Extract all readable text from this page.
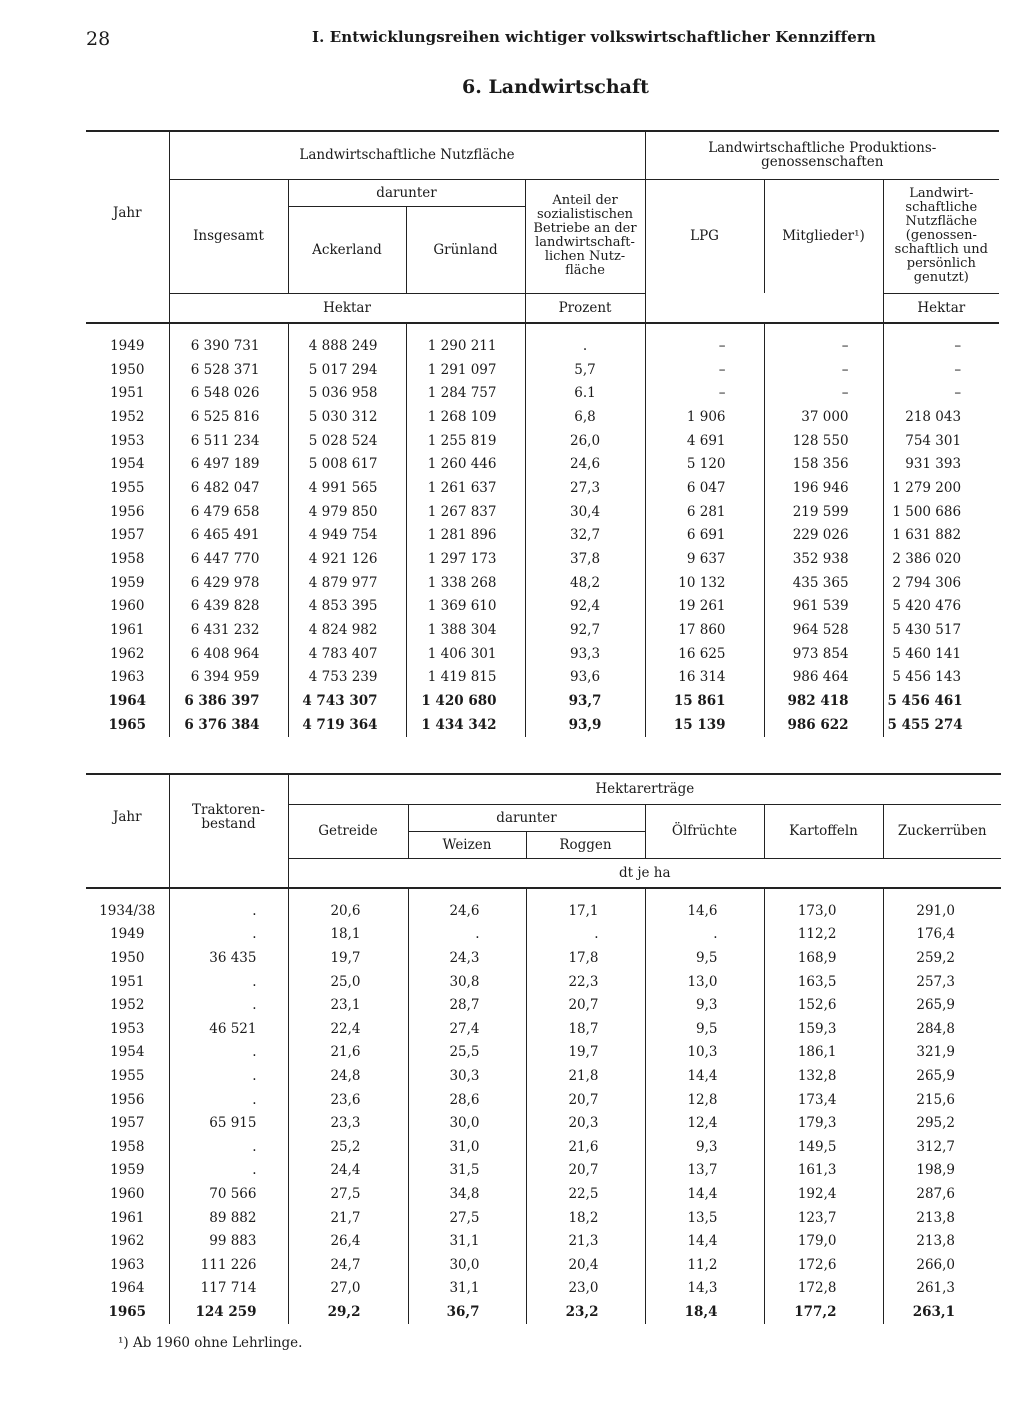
28	I. Entwicklungsreihen wichtiger volkswirtschaftlicher Kennziffern
6. Landwirtschaft
Jahr	Landwirtschaftliche Nutzfläche				Landwirtschaftliche Produktions-genossenschaften		
	Insgesamt	darunter		Anteil der sozialistischen Betriebe an der landwirtschaft-lichen Nutz-fläche	LPG	Mitglieder¹)	Landwirt-schaftliche Nutzfläche (genossen-schaftlich und persönlich genutzt)
		Ackerland	Grünland				
	Hektar			Prozent			Hektar

1949	6 390 731	4 888 249	1 290 211	.	–	–	–
1950	6 528 371	5 017 294	1 291 097	5,7	–	–	–
1951	6 548 026	5 036 958	1 284 757	6.1	–	–	–
1952	6 525 816	5 030 312	1 268 109	6,8	1 906	37 000	218 043
1953	6 511 234	5 028 524	1 255 819	26,0	4 691	128 550	754 301
1954	6 497 189	5 008 617	1 260 446	24,6	5 120	158 356	931 393
1955	6 482 047	4 991 565	1 261 637	27,3	6 047	196 946	1 279 200
1956	6 479 658	4 979 850	1 267 837	30,4	6 281	219 599	1 500 686
1957	6 465 491	4 949 754	1 281 896	32,7	6 691	229 026	1 631 882
1958	6 447 770	4 921 126	1 297 173	37,8	9 637	352 938	2 386 020
1959	6 429 978	4 879 977	1 338 268	48,2	10 132	435 365	2 794 306
1960	6 439 828	4 853 395	1 369 610	92,4	19 261	961 539	5 420 476
1961	6 431 232	4 824 982	1 388 304	92,7	17 860	964 528	5 430 517
1962	6 408 964	4 783 407	1 406 301	93,3	16 625	973 854	5 460 141
1963	6 394 959	4 753 239	1 419 815	93,6	16 314	986 464	5 456 143
1964	6 386 397	4 743 307	1 420 680	93,7	15 861	982 418	5 456 461
1965	6 376 384	4 719 364	1 434 342	93,9	15 139	986 622	5 455 274
Jahr	Traktoren-bestand	Hektarerträge					
		Getreide	darunter		Ölfrüchte	Kartoffeln	Zuckerrüben
			Weizen	Roggen			
		dt je ha					

1934/38	.	20,6	24,6	17,1	14,6	173,0	291,0
1949	.	18,1	.	.	.	112,2	176,4
1950	36 435	19,7	24,3	17,8	9,5	168,9	259,2
1951	.	25,0	30,8	22,3	13,0	163,5	257,3
1952	.	23,1	28,7	20,7	9,3	152,6	265,9
1953	46 521	22,4	27,4	18,7	9,5	159,3	284,8
1954	.	21,6	25,5	19,7	10,3	186,1	321,9
1955	.	24,8	30,3	21,8	14,4	132,8	265,9
1956	.	23,6	28,6	20,7	12,8	173,4	215,6
1957	65 915	23,3	30,0	20,3	12,4	179,3	295,2
1958	.	25,2	31,0	21,6	9,3	149,5	312,7
1959	.	24,4	31,5	20,7	13,7	161,3	198,9
1960	70 566	27,5	34,8	22,5	14,4	192,4	287,6
1961	89 882	21,7	27,5	18,2	13,5	123,7	213,8
1962	99 883	26,4	31,1	21,3	14,4	179,0	213,8
1963	111 226	24,7	30,0	20,4	11,2	172,6	266,0
1964	117 714	27,0	31,1	23,0	14,3	172,8	261,3
1965	124 259	29,2	36,7	23,2	18,4	177,2	263,1
¹) Ab 1960 ohne Lehrlinge.
